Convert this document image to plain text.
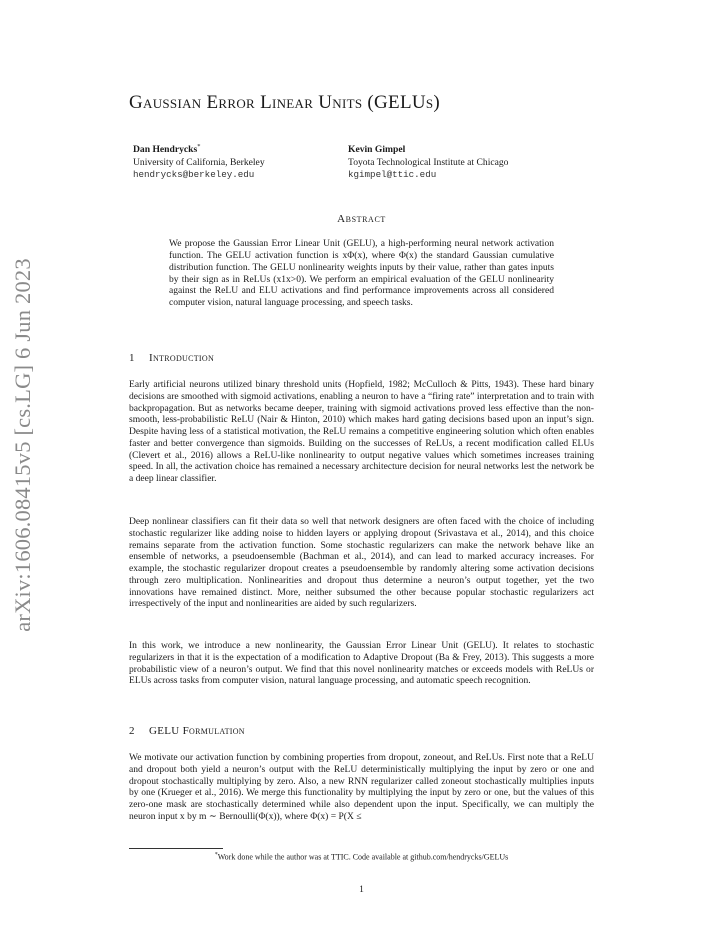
arXiv:1606.08415v5 [cs.LG] 6 Jun 2023
Gaussian Error Linear Units (GELUs)
Dan Hendrycks*
University of California, Berkeley
hendrycks@berkeley.edu
Kevin Gimpel
Toyota Technological Institute at Chicago
kgimpel@ttic.edu
Abstract

We propose the Gaussian Error Linear Unit (GELU), a high-performing neural network activation function. The GELU activation function is xΦ(x), where Φ(x) the standard Gaussian cumulative distribution function. The GELU nonlinearity weights inputs by their value, rather than gates inputs by their sign as in ReLUs (x1x>0). We perform an empirical evaluation of the GELU nonlinearity against the ReLU and ELU activations and find performance improvements across all considered computer vision, natural language processing, and speech tasks.

1 Introduction

Early artificial neurons utilized binary threshold units (Hopfield, 1982; McCulloch & Pitts, 1943). These hard binary decisions are smoothed with sigmoid activations, enabling a neuron to have a “firing rate” interpretation and to train with backpropagation. But as networks became deeper, training with sigmoid activations proved less effective than the non-smooth, less-probabilistic ReLU (Nair & Hinton, 2010) which makes hard gating decisions based upon an input’s sign. Despite having less of a statistical motivation, the ReLU remains a competitive engineering solution which often enables faster and better convergence than sigmoids. Building on the successes of ReLUs, a recent modification called ELUs (Clevert et al., 2016) allows a ReLU-like nonlinearity to output negative values which sometimes increases training speed. In all, the activation choice has remained a necessary architecture decision for neural networks lest the network be a deep linear classifier.

Deep nonlinear classifiers can fit their data so well that network designers are often faced with the choice of including stochastic regularizer like adding noise to hidden layers or applying dropout (Srivastava et al., 2014), and this choice remains separate from the activation function. Some stochastic regularizers can make the network behave like an ensemble of networks, a pseudoensemble (Bachman et al., 2014), and can lead to marked accuracy increases. For example, the stochastic regularizer dropout creates a pseudoensemble by randomly altering some activation decisions through zero multiplication. Nonlinearities and dropout thus determine a neuron’s output together, yet the two innovations have remained distinct. More, neither subsumed the other because popular stochastic regularizers act irrespectively of the input and nonlinearities are aided by such regularizers.

In this work, we introduce a new nonlinearity, the Gaussian Error Linear Unit (GELU). It relates to stochastic regularizers in that it is the expectation of a modification to Adaptive Dropout (Ba & Frey, 2013). This suggests a more probabilistic view of a neuron’s output. We find that this novel nonlinearity matches or exceeds models with ReLUs or ELUs across tasks from computer vision, natural language processing, and automatic speech recognition.

2 GELU Formulation

We motivate our activation function by combining properties from dropout, zoneout, and ReLUs. First note that a ReLU and dropout both yield a neuron’s output with the ReLU deterministically multiplying the input by zero or one and dropout stochastically multiplying by zero. Also, a new RNN regularizer called zoneout stochastically multiplies inputs by one (Krueger et al., 2016). We merge this functionality by multiplying the input by zero or one, but the values of this zero-one mask are stochastically determined while also dependent upon the input. Specifically, we can multiply the neuron input x by m ∼ Bernoulli(Φ(x)), where Φ(x) = P(X ≤

*Work done while the author was at TTIC. Code available at github.com/hendrycks/GELUs

1
